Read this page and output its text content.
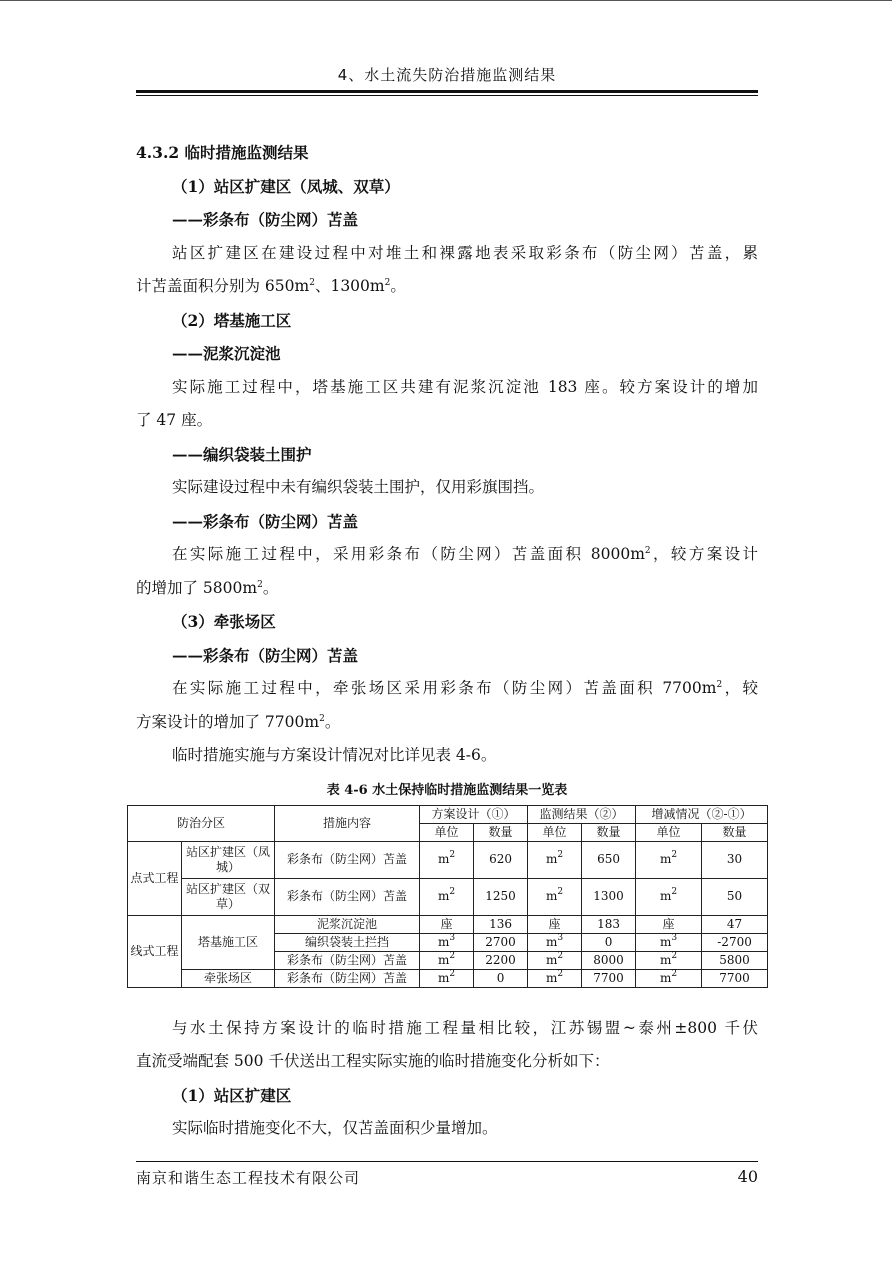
4、水土流失防治措施监测结果
4.3.2 临时措施监测结果
（1）站区扩建区（凤城、双草）
——彩条布（防尘网）苫盖
站区扩建区在建设过程中对堆土和裸露地表采取彩条布（防尘网）苫盖，累
计苫盖面积分别为 $650m^2$、$1300m^2$。
（2）塔基施工区
——泥浆沉淀池
实际施工过程中，塔基施工区共建有泥浆沉淀池 183 座。较方案设计的增加
了 47 座。
——编织袋装土围护
实际建设过程中未有编织袋装土围护，仅用彩旗围挡。
——彩条布（防尘网）苫盖
在实际施工过程中，采用彩条布（防尘网）苫盖面积 $8000m^2$，较方案设计
的增加了 $5800m^2$。
（3）牵张场区
——彩条布（防尘网）苫盖
在实际施工过程中，牵张场区采用彩条布（防尘网）苫盖面积 $7700m^2$，较
方案设计的增加了 $7700m^2$。
临时措施实施与方案设计情况对比详见表 4-6。
表 4-6 水土保持临时措施监测结果一览表
防治分区		措施内容	方案设计（①）		监测结果（②）		增减情况（②-①）	
			单位	数量	单位	数量	单位	数量
点式工程	站区扩建区（凤城）	彩条布（防尘网）苫盖	$m^2$	620	$m^2$	650	$m^2$	30
	站区扩建区（双草）	彩条布（防尘网）苫盖	$m^2$	1250	$m^2$	1300	$m^2$	50
线式工程	塔基施工区	泥浆沉淀池	座	136	座	183	座	47
		编织袋装土拦挡	$m^3$	2700	$m^3$	0	$m^3$	-2700
		彩条布（防尘网）苫盖	$m^2$	2200	$m^2$	8000	$m^2$	5800
	牵张场区	彩条布（防尘网）苫盖	$m^2$	0	$m^2$	7700	$m^2$	7700
与水土保持方案设计的临时措施工程量相比较，江苏锡盟~泰州±800 千伏
直流受端配套 500 千伏送出工程实际实施的临时措施变化分析如下：
（1）站区扩建区
实际临时措施变化不大，仅苫盖面积少量增加。
南京和谐生态工程技术有限公司	40
